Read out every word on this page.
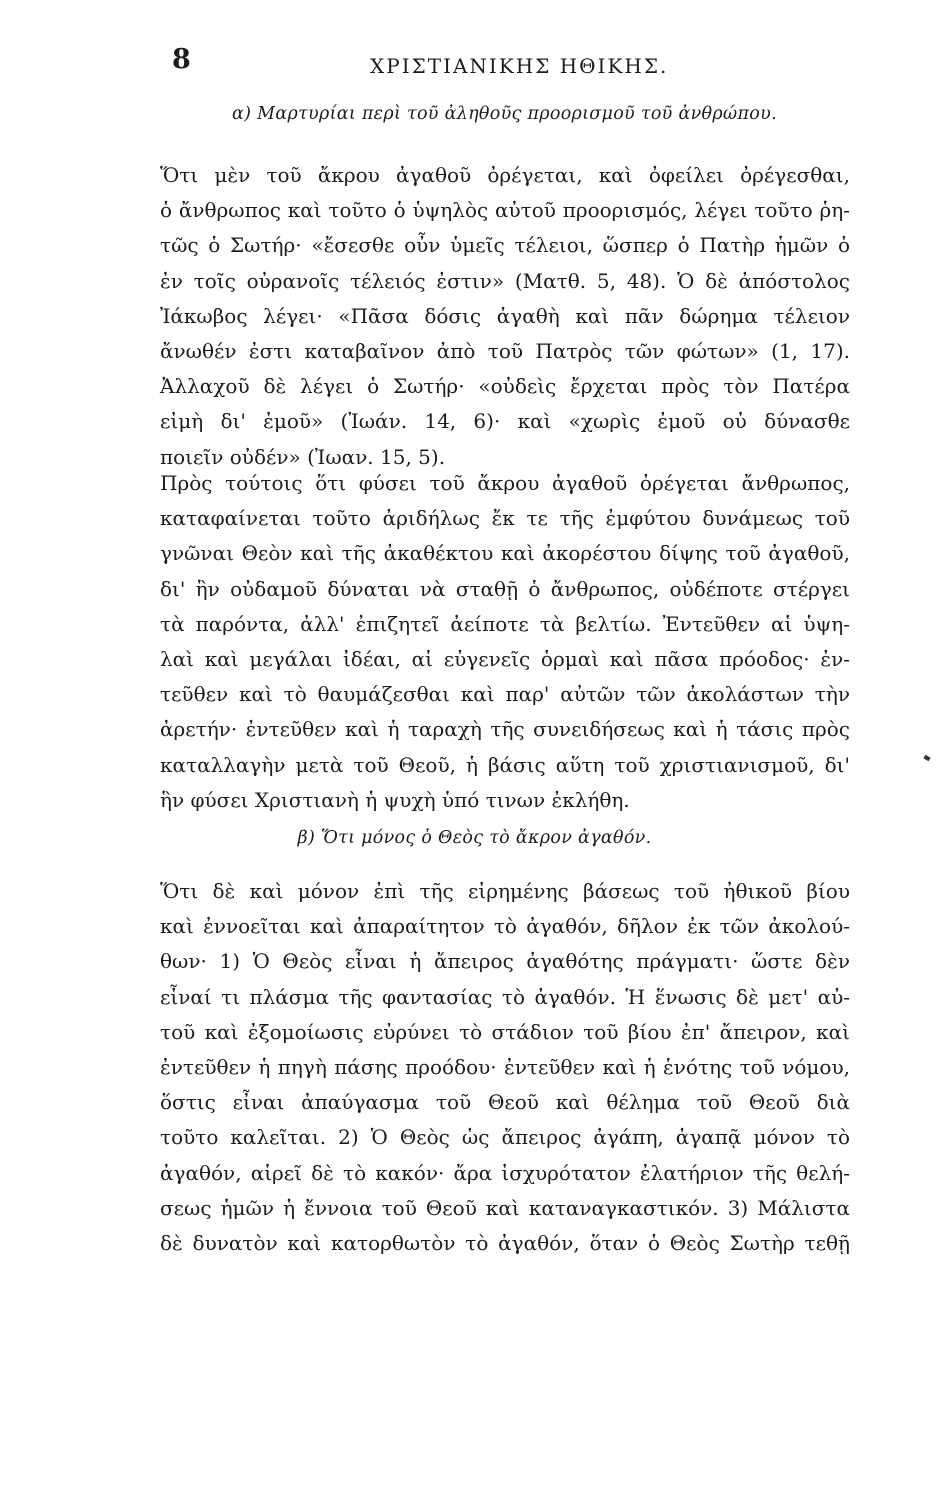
8	ΧΡΙΣΤΙΑΝΙΚΗΣ ΗΘΙΚΗΣ.
α) Μαρτυρίαι περὶ τοῦ ἀληθοῦς προορισμοῦ τοῦ ἀνθρώπου.
Ὅτι μὲν τοῦ ἄκρου ἀγαθοῦ ὀρέγεται, καὶ ὀφείλει ὀρέγεσθαι,
ὁ ἄνθρωπος καὶ τοῦτο ὁ ὑψηλὸς αὐτοῦ προορισμός, λέγει τοῦτο ῥη-
τῶς ὁ Σωτήρ· «ἔσεσθε οὖν ὑμεῖς τέλειοι, ὥσπερ ὁ Πατὴρ ἡμῶν ὁ
ἐν τοῖς οὐρανοῖς τέλειός ἐστιν» (Ματθ. 5, 48). Ὁ δὲ ἀπόστολος
Ἰάκωβος λέγει· «Πᾶσα δόσις ἀγαθὴ καὶ πᾶν δώρημα τέλειον
ἄνωθέν ἐστι καταβαῖνον ἀπὸ τοῦ Πατρὸς τῶν φώτων» (1, 17).
Ἀλλαχοῦ δὲ λέγει ὁ Σωτήρ· «οὐδεὶς ἔρχεται πρὸς τὸν Πατέρα
εἰμὴ δι' ἐμοῦ» (Ἰωάν. 14, 6)· καὶ «χωρὶς ἐμοῦ οὐ δύνασθε
ποιεῖν οὐδέν» (Ἰωαν. 15, 5).
Πρὸς τούτοις ὅτι φύσει τοῦ ἄκρου ἀγαθοῦ ὀρέγεται ἄνθρωπος,
καταφαίνεται τοῦτο ἀριδήλως ἔκ τε τῆς ἐμφύτου δυνάμεως τοῦ
γνῶναι Θεὸν καὶ τῆς ἀκαθέκτου καὶ ἀκορέστου δίψης τοῦ ἀγαθοῦ,
δι' ἣν οὐδαμοῦ δύναται νὰ σταθῇ ὁ ἄνθρωπος, οὐδέποτε στέργει
τὰ παρόντα, ἀλλ' ἐπιζητεῖ ἀείποτε τὰ βελτίω. Ἐντεῦθεν αἱ ὑψη-
λαὶ καὶ μεγάλαι ἰδέαι, αἱ εὐγενεῖς ὁρμαὶ καὶ πᾶσα πρόοδος· ἐν-
τεῦθεν καὶ τὸ θαυμάζεσθαι καὶ παρ' αὐτῶν τῶν ἀκολάστων τὴν
ἀρετήν· ἐντεῦθεν καὶ ἡ ταραχὴ τῆς συνειδήσεως καὶ ἡ τάσις πρὸς
καταλλαγὴν μετὰ τοῦ Θεοῦ, ἡ βάσις αὕτη τοῦ χριστιανισμοῦ, δι'
ἣν φύσει Χριστιανὴ ἡ ψυχὴ ὑπό τινων ἐκλήθη.
β) Ὅτι μόνος ὁ Θεὸς τὸ ἄκρον ἀγαθόν.
Ὅτι δὲ καὶ μόνον ἐπὶ τῆς εἰρημένης βάσεως τοῦ ἠθικοῦ βίου
καὶ ἐννοεῖται καὶ ἀπαραίτητον τὸ ἀγαθόν, δῆλον ἐκ τῶν ἀκολού-
θων· 1) Ὁ Θεὸς εἶναι ἡ ἄπειρος ἀγαθότης πράγματι· ὥστε δὲν
εἶναί τι πλάσμα τῆς φαντασίας τὸ ἀγαθόν. Ἡ ἕνωσις δὲ μετ' αὐ-
τοῦ καὶ ἐξομοίωσις εὐρύνει τὸ στάδιον τοῦ βίου ἐπ' ἄπειρον, καὶ
ἐντεῦθεν ἡ πηγὴ πάσης προόδου· ἐντεῦθεν καὶ ἡ ἑνότης τοῦ νόμου,
ὅστις εἶναι ἀπαύγασμα τοῦ Θεοῦ καὶ θέλημα τοῦ Θεοῦ διὰ
τοῦτο καλεῖται. 2) Ὁ Θεὸς ὡς ἄπειρος ἀγάπη, ἀγαπᾷ μόνον τὸ
ἀγαθόν, αἱρεῖ δὲ τὸ κακόν· ἄρα ἰσχυρότατον ἐλατήριον τῆς θελή-
σεως ἡμῶν ἡ ἔννοια τοῦ Θεοῦ καὶ καταναγκαστικόν. 3) Μάλιστα
δὲ δυνατὸν καὶ κατορθωτὸν τὸ ἀγαθόν, ὅταν ὁ Θεὸς Σωτὴρ τεθῇ
